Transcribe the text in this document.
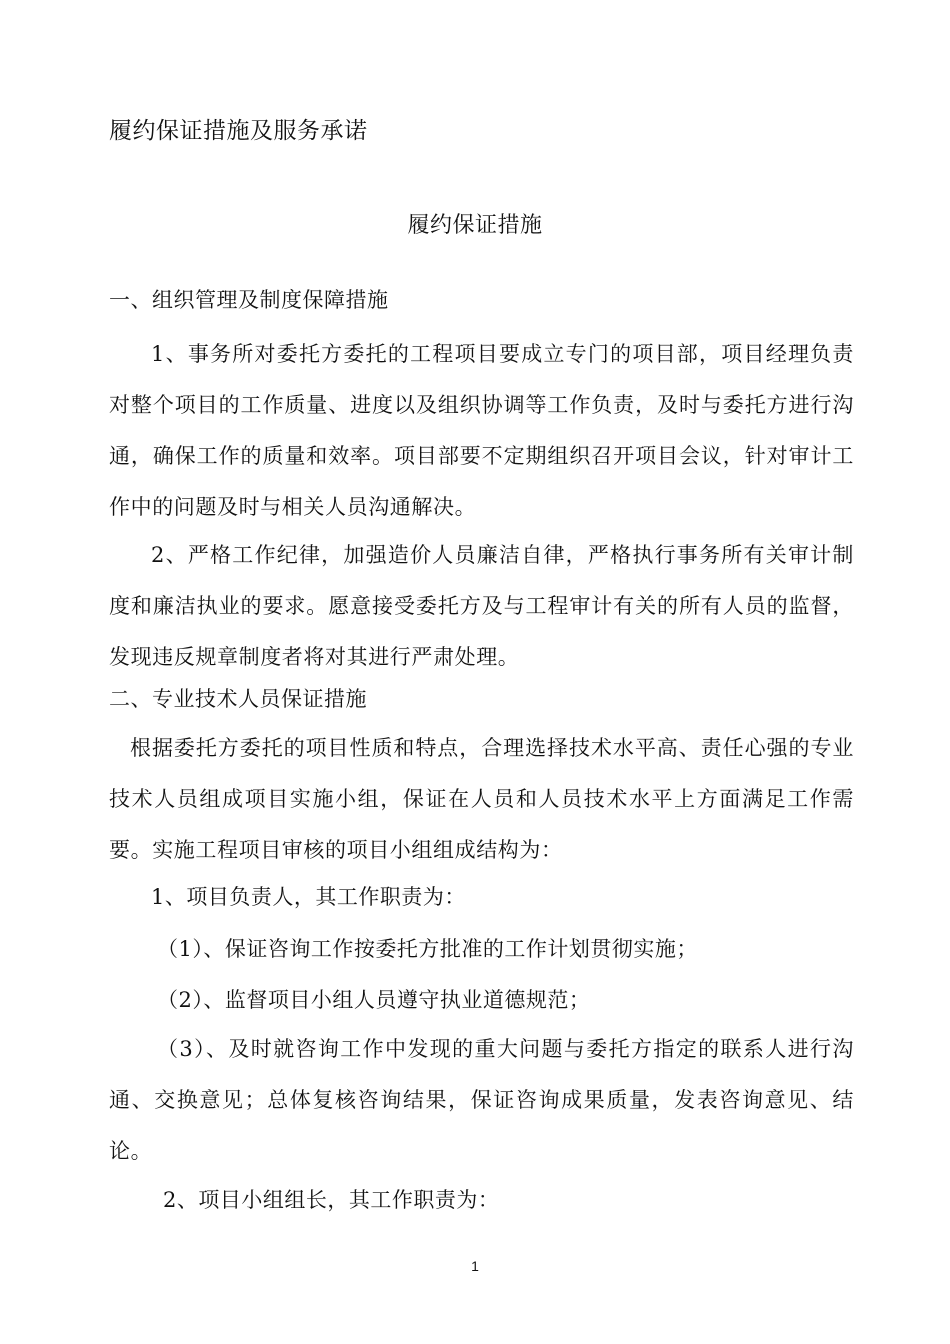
履约保证措施及服务承诺
履约保证措施
一、组织管理及制度保障措施
1、事务所对委托方委托的工程项目要成立专门的项目部，项目经理负责对整个项目的工作质量、进度以及组织协调等工作负责，及时与委托方进行沟通，确保工作的质量和效率。项目部要不定期组织召开项目会议，针对审计工作中的问题及时与相关人员沟通解决。
2、严格工作纪律，加强造价人员廉洁自律，严格执行事务所有关审计制度和廉洁执业的要求。愿意接受委托方及与工程审计有关的所有人员的监督，发现违反规章制度者将对其进行严肃处理。
二、专业技术人员保证措施
根据委托方委托的项目性质和特点，合理选择技术水平高、责任心强的专业技术人员组成项目实施小组，保证在人员和人员技术水平上方面满足工作需要。实施工程项目审核的项目小组组成结构为：
1、项目负责人，其工作职责为：
（1）、保证咨询工作按委托方批准的工作计划贯彻实施；
（2）、监督项目小组人员遵守执业道德规范；
（3）、及时就咨询工作中发现的重大问题与委托方指定的联系人进行沟通、交换意见；总体复核咨询结果，保证咨询成果质量，发表咨询意见、结论。
2、项目小组组长，其工作职责为：
1
